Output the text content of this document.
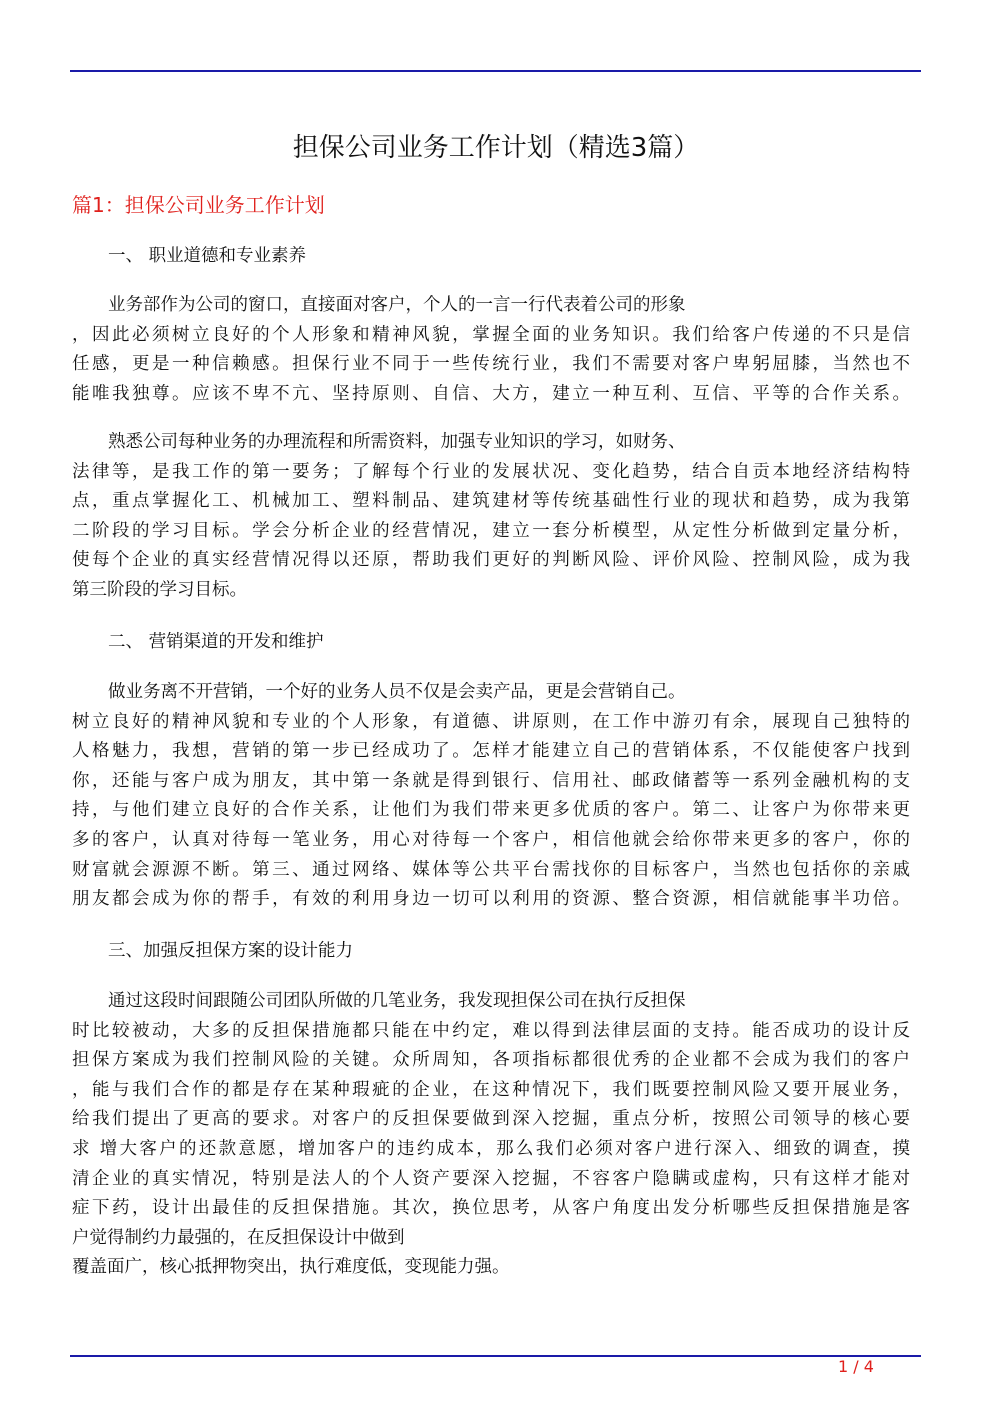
担保公司业务工作计划（精选3篇）
篇1：担保公司业务工作计划
一、 职业道德和专业素养
业务部作为公司的窗口，直接面对客户，个人的一言一行代表着公司的形象
，因此必须树立良好的个人形象和精神风貌，掌握全面的业务知识。我们给客户传递的不只是信
任感，更是一种信赖感。担保行业不同于一些传统行业，我们不需要对客户卑躬屈膝，当然也不
能唯我独尊。应该不卑不亢、坚持原则、自信、大方，建立一种互利、互信、平等的合作关系。
熟悉公司每种业务的办理流程和所需资料，加强专业知识的学习，如财务、
法律等，是我工作的第一要务；了解每个行业的发展状况、变化趋势，结合自贡本地经济结构特
点，重点掌握化工、机械加工、塑料制品、建筑建材等传统基础性行业的现状和趋势，成为我第
二阶段的学习目标。学会分析企业的经营情况，建立一套分析模型，从定性分析做到定量分析，
使每个企业的真实经营情况得以还原，帮助我们更好的判断风险、评价风险、控制风险，成为我
第三阶段的学习目标。
二、 营销渠道的开发和维护
做业务离不开营销，一个好的业务人员不仅是会卖产品，更是会营销自己。
树立良好的精神风貌和专业的个人形象，有道德、讲原则，在工作中游刃有余，展现自己独特的
人格魅力，我想，营销的第一步已经成功了。怎样才能建立自己的营销体系，不仅能使客户找到
你，还能与客户成为朋友，其中第一条就是得到银行、信用社、邮政储蓄等一系列金融机构的支
持，与他们建立良好的合作关系，让他们为我们带来更多优质的客户。第二、让客户为你带来更
多的客户，认真对待每一笔业务，用心对待每一个客户，相信他就会给你带来更多的客户，你的
财富就会源源不断。第三、通过网络、媒体等公共平台需找你的目标客户，当然也包括你的亲戚
朋友都会成为你的帮手，有效的利用身边一切可以利用的资源、整合资源，相信就能事半功倍。
三、加强反担保方案的设计能力
通过这段时间跟随公司团队所做的几笔业务，我发现担保公司在执行反担保
时比较被动，大多的反担保措施都只能在中约定，难以得到法律层面的支持。能否成功的设计反
担保方案成为我们控制风险的关键。众所周知，各项指标都很优秀的企业都不会成为我们的客户
，能与我们合作的都是存在某种瑕疵的企业，在这种情况下，我们既要控制风险又要开展业务，
给我们提出了更高的要求。对客户的反担保要做到深入挖掘，重点分析，按照公司领导的核心要
求 增大客户的还款意愿，增加客户的违约成本，那么我们必须对客户进行深入、细致的调查，摸
清企业的真实情况，特别是法人的个人资产要深入挖掘，不容客户隐瞒或虚构，只有这样才能对
症下药，设计出最佳的反担保措施。其次，换位思考，从客户角度出发分析哪些反担保措施是客
户觉得制约力最强的，在反担保设计中做到
覆盖面广，核心抵押物突出，执行难度低，变现能力强。
1 / 4
